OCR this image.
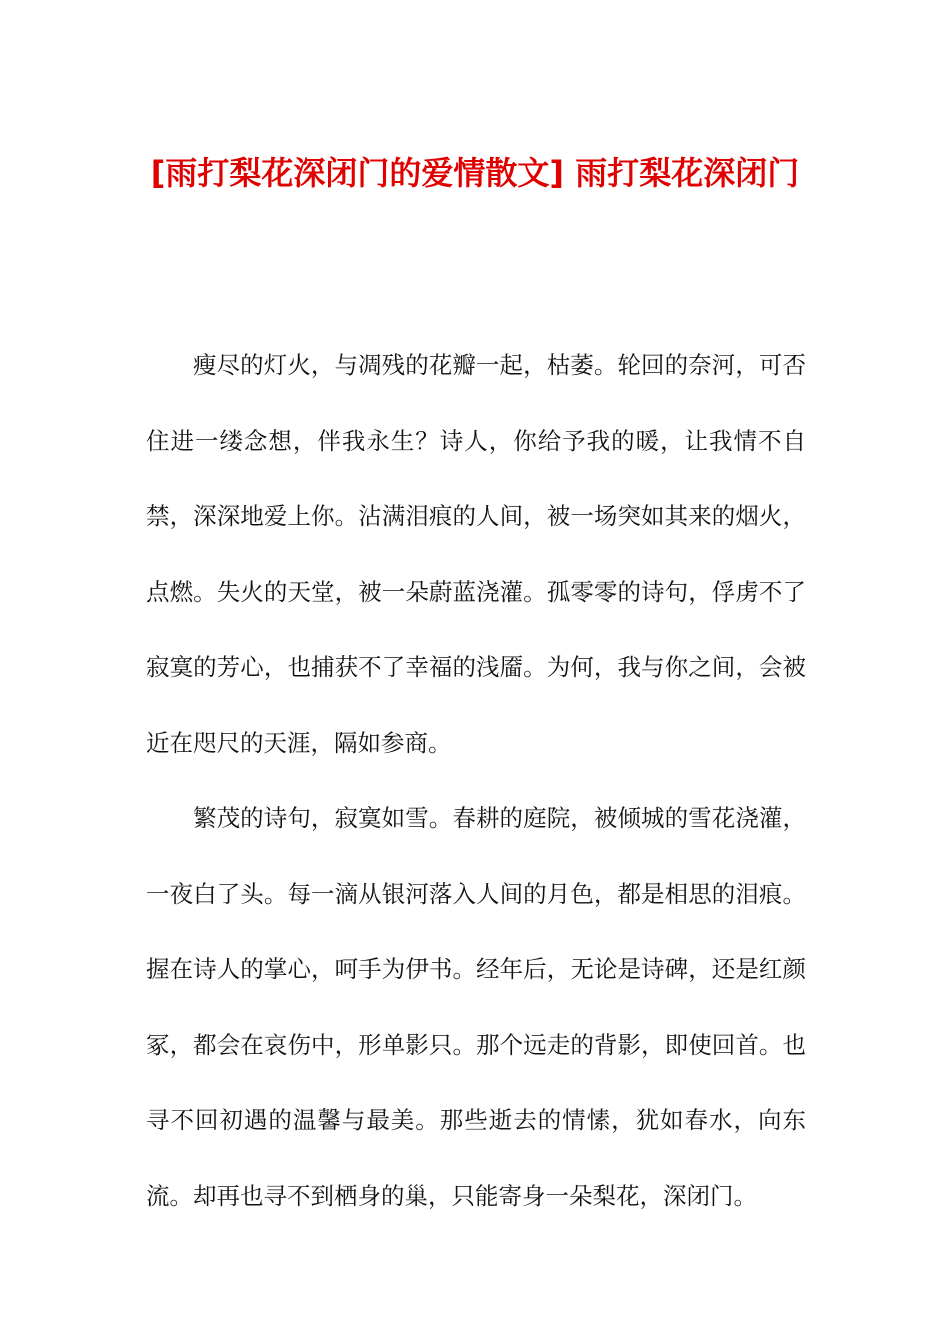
[雨打梨花深闭门的爱情散文] 雨打梨花深闭门

瘦尽的灯火，与凋残的花瓣一起，枯萎。轮回的奈河，可否住进一缕念想，伴我永生？诗人，你给予我的暖，让我情不自禁，深深地爱上你。沾满泪痕的人间，被一场突如其来的烟火，点燃。失火的天堂，被一朵蔚蓝浇灌。孤零零的诗句，俘虏不了寂寞的芳心，也捕获不了幸福的浅靥。为何，我与你之间，会被近在咫尺的天涯，隔如参商。

繁茂的诗句，寂寞如雪。春耕的庭院，被倾城的雪花浇灌，一夜白了头。每一滴从银河落入人间的月色，都是相思的泪痕。握在诗人的掌心，呵手为伊书。经年后，无论是诗碑，还是红颜冢，都会在哀伤中，形单影只。那个远走的背影，即使回首。也寻不回初遇的温馨与最美。那些逝去的情愫，犹如春水，向东流。却再也寻不到栖身的巢，只能寄身一朵梨花，深闭门。
